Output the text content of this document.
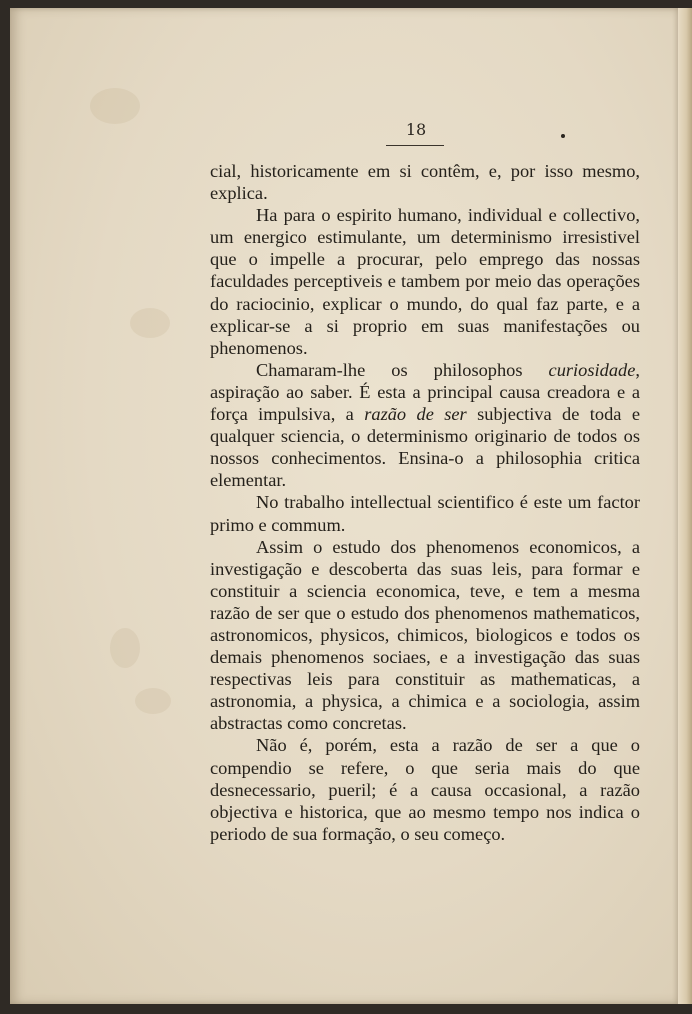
18

cial, historicamente em si contêm, e, por isso mesmo, explica.

Ha para o espirito humano, individual e collectivo, um energico estimulante, um determinismo irresistivel que o impelle a procurar, pelo emprego das nossas faculdades perceptiveis e tambem por meio das operações do raciocinio, explicar o mundo, do qual faz parte, e a explicar-se a si proprio em suas manifestações ou phenomenos.

Chamaram-lhe os philosophos curiosidade, aspiração ao saber. É esta a principal causa creadora e a força impulsiva, a razão de ser subjectiva de toda e qualquer sciencia, o determinismo originario de todos os nossos conhecimentos. Ensina-o a philosophia critica elementar.

No trabalho intellectual scientifico é este um factor primo e commum.

Assim o estudo dos phenomenos economicos, a investigação e descoberta das suas leis, para formar e constituir a sciencia economica, teve, e tem a mesma razão de ser que o estudo dos phenomenos mathematicos, astronomicos, physicos, chimicos, biologicos e todos os demais phenomenos sociaes, e a investigação das suas respectivas leis para constituir as mathematicas, a astronomia, a physica, a chimica e a sociologia, assim abstractas como concretas.

Não é, porém, esta a razão de ser a que o compendio se refere, o que seria mais do que desnecessario, pueril; é a causa occasional, a razão objectiva e historica, que ao mesmo tempo nos indica o periodo de sua formação, o seu começo.
